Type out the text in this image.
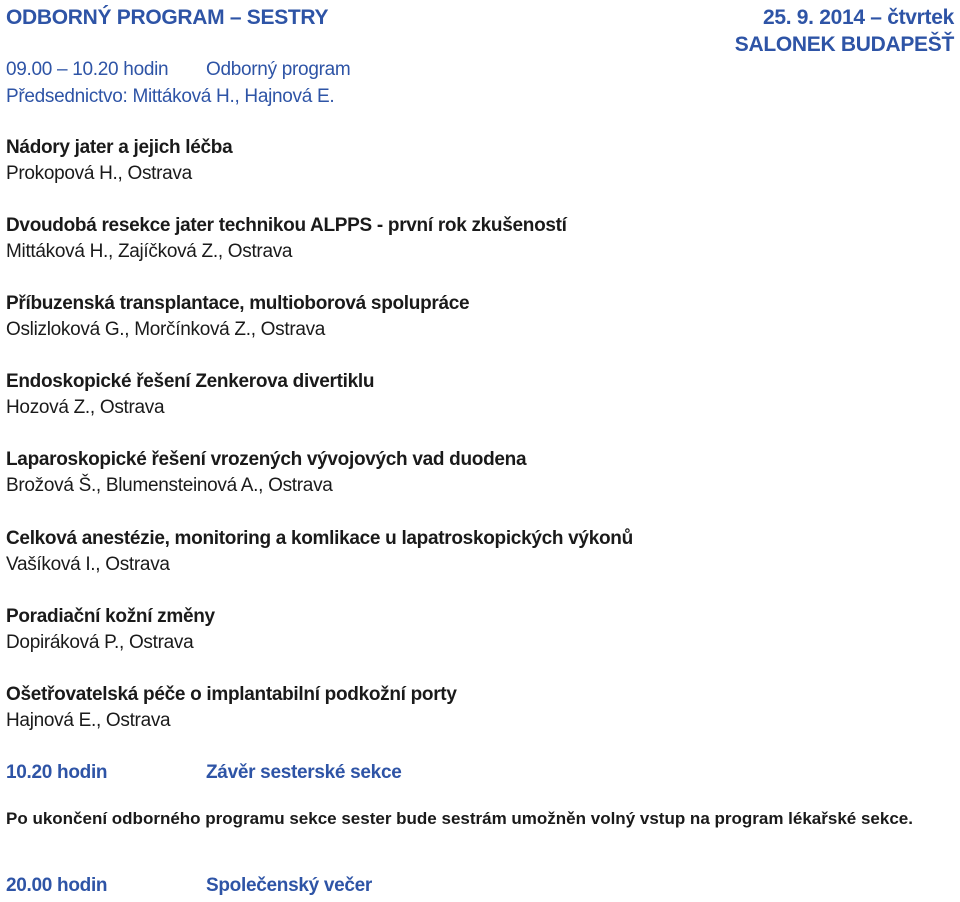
ODBORNÝ PROGRAM – SESTRY	25. 9. 2014 – čtvrtek
SALONEK BUDAPEŠŤ
09.00 – 10.20 hodin Odborný program
Předsednictvo: Mittáková H., Hajnová E.
Nádory jater a jejich léčba
Prokopová H., Ostrava
Dvoudobá resekce jater technikou ALPPS - první rok zkušeností
Mittáková H., Zajíčková Z., Ostrava
Příbuzenská transplantace, multioborová spolupráce
Oslizloková G., Morčínková Z., Ostrava
Endoskopické řešení Zenkerova divertiklu
Hozová Z., Ostrava
Laparoskopické řešení vrozených vývojových vad duodena
Brožová Š., Blumensteinová A., Ostrava
Celková anestézie, monitoring a komlikace u lapatroskopických výkonů
Vašíková I., Ostrava
Poradiační kožní změny
Dopiráková P., Ostrava
Ošetřovatelská péče o implantabilní podkožní porty
Hajnová E., Ostrava
10.20 hodin	Závěr sesterské sekce
Po ukončení odborného programu sekce sester bude sestrám umožněn volný vstup na program lékařské sekce.
20.00 hodin	Společenský večer
